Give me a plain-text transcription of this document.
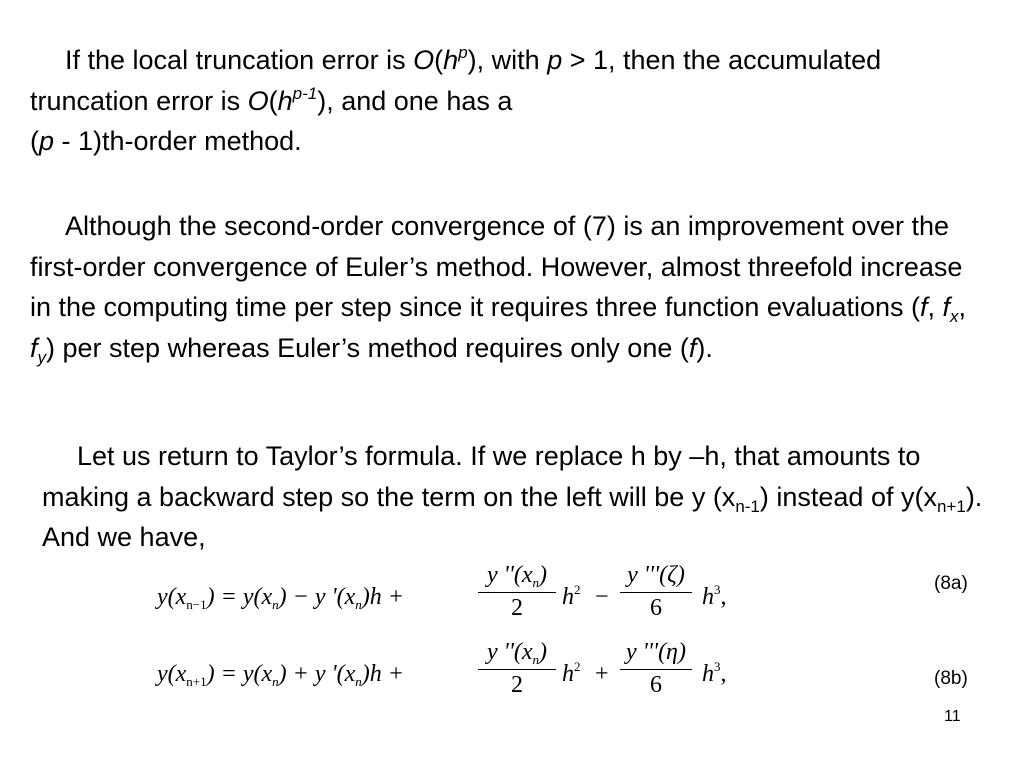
If the local truncation error is $O(h^p)$, with p > 1, then the accumulated truncation error is $O(h^{p-1})$, and one has a
(p - 1)th-order method.

Although the second-order convergence of (7) is an improvement over the first-order convergence of Euler’s method. However, almost threefold increase in the computing time per step since it requires three function evaluations (f, $f_x$, $f_y$) per step whereas Euler’s method requires only one (f).

Let us return to Taylor’s formula. If we replace h by –h, that amounts to making a backward step so the term on the left will be y $(x_{n-1})$ instead of $y(x_{n+1})$. And we have,

$y(x_{n-1}) = y(x_n) - y$ '$(x_n)h$ +
y ''$(x_n)$
2	$h^2$ −
y '''(ζ)
6	$h^3$,
(8a)
$y(x_{n+1}) = y(x_n) + y$ '$(x_n)h$ +
y ''$(x_n)$
2	$h^2$ +
y '''(η)
6	$h^3$,	(8b)
11
